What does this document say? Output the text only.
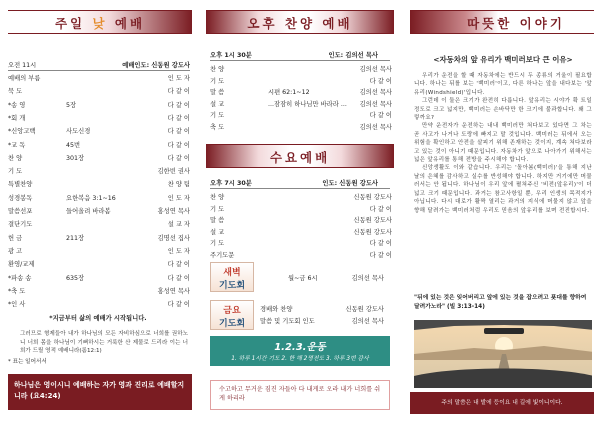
주일 낮 예배
오전 11시	예배인도: 신동원 강도사
예배의 부름	인 도 자
묵 도	다 같 이
*송 영	5장	다 같 이
*회 개	다 같 이
*신앙고백	사도신경	다 같 이
*교 독	45번	다 같 이
찬 양	301장	다 같 이
기 도	김한빈 권사
특별찬양	찬 양 팀
성경봉독	요한복음 3:1~16	인 도 자
말씀선포	들어올려 바라봄	홍성연 목사
결단기도	설 교 자
헌 금	211장	김명선 집사
광 고	인 도 자
환영/교제	다 같 이
*파송 송	635장	다 같 이
*축 도	홍성연 목사
*인 사	다 같 이
*지금부터 삶의 예배가 시작됩니다.
그러므로 형제들아 내가 하나님의 모든 자비하심으로 너희를 권하노니 너희 몸을 하나님이 기뻐하시는 거룩한 산 제물로 드리라 이는 너희가 드릴 영적 예배니라(롬12:1)
* 표는 일어서서
하나님은 영이시니 예배하는 자가 영과 진리로 예배할지니라 (요4:24)
오후 찬양 예배
오후 1시 30분	인도: 김의선 목사
찬 양	김의선 목사
기 도	다 같 이
말 씀	시편 62:1~12	김의선 목사
설 교	...잠잠히 하나님만 바라라 ... 김의선 목사
기 도	다 같 이
축 도	김의선 목사
수요예배
오후 7시 30분	인도: 신동원 강도사
찬 양	신동원 강도사
기 도	다 같 이
말 씀	신동원 강도사
설 교	신동원 강도사
기 도	다 같 이
주기도문	다 같 이
새벽
기도회
월~금 6시	김의선 목사
금요
기도회
경배와 찬양	신동원 강도사
말씀 및 기도회 인도	김의선 목사
1.2.3.운동
1. 하루 1시간 기도 2. 한 해 2명전도 3. 하루 3번 감사
수고하고 무거운 짐진 자들아 다 내게로 오라 내가 너희를 쉬게 하리라
따뜻한 이야기
<자동차의 앞 유리가 백미러보다 큰 이유>

우리가 운전을 할 때 자동차에는 반드시 두 종류의 거울이 필요합니다. 하나는 뒤를 보는 '백미러'이고, 다른 하나는 앞을 내다보는 '앞유리(Windshield)'입니다.

그런데 이 둘은 크기가 완전히 다릅니다. 앞유리는 시야가 확 트일 정도로 크고 넓지만, 백미러는 손바닥만 한 크기에 불과합니다. 왜 그렇까요?

만약 운전자가 운전하는 내내 백미러만 쳐다보고 있다면 그 차는 곧 사고가 나거나 도랑에 빠지고 말 것입니다. 백미러는 뒤에서 오는 위험을 확인하고 안전을 살피기 위해 존재하는 것이지, 계속 쳐다보라고 있는 것이 아니기 때문입니다. 자동차가 앞으로 나아가기 위해서는 넓은 앞유리를 통해 전방을 주시해야 합니다.

신앙생활도 이와 같습니다. 우리는 '돌아봄(백미러)'을 통해 지난날의 은혜를 감사하고 실수를 반성해야 합니다. 하지만 거기에만 머물러서는 안 됩니다. 하나님이 우리 앞에 펼쳐주신 '비전(앞유리)'이 더 넓고 크기 때문입니다. 과거는 참고사항일 뿐, 우리 인생의 목적지가 아닙니다. 다시 대로가 활짝 열리는 과거의 지식에 머물지 않고 앞을 향해 달려가는 백미러처럼 우리도 믿음의 앞유리를 보며 전진합시다.

"뒤에 있는 것은 잊어버리고 앞에 있는 것을 잡으려고 푯대를 향하여 달려가노라" (빌 3:13-14)
주의 말씀은 내 발에 등이요 내 길에 빛이니이다.
